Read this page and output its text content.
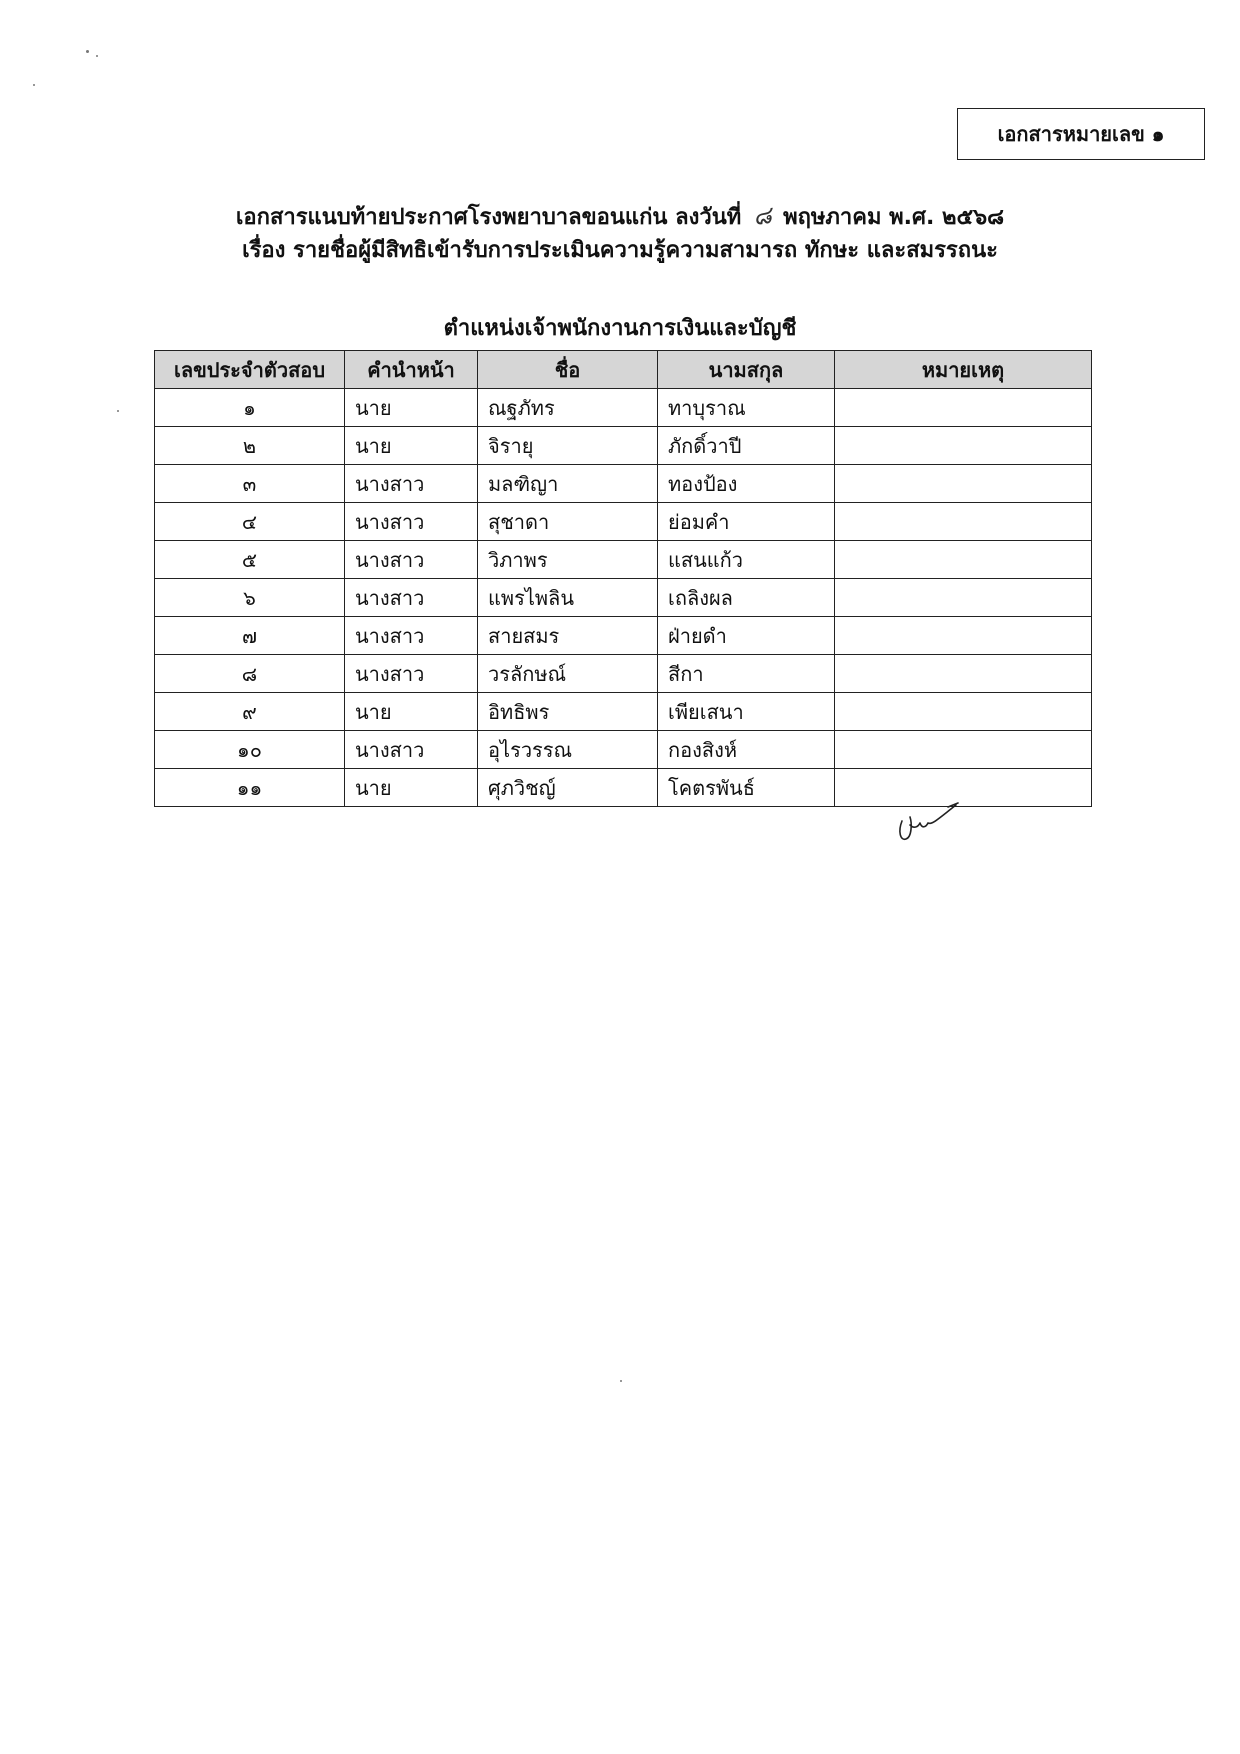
เอกสารหมายเลข ๑
เอกสารแนบท้ายประกาศโรงพยาบาลขอนแก่น ลงวันที่ ๘ พฤษภาคม พ.ศ. ๒๕๖๘
เรื่อง รายชื่อผู้มีสิทธิเข้ารับการประเมินความรู้ความสามารถ ทักษะ และสมรรถนะ
ตำแหน่งเจ้าพนักงานการเงินและบัญชี
เลขประจำตัวสอบ	คำนำหน้า	ชื่อ	นามสกุล	หมายเหตุ
๑	นาย	ณฐภัทร	ทาบุราณ	
๒	นาย	จิรายุ	ภักดิ์วาปี	
๓	นางสาว	มลฑิญา	ทองป้อง	
๔	นางสาว	สุชาดา	ย่อมคำ	
๕	นางสาว	วิภาพร	แสนแก้ว	
๖	นางสาว	แพรไพลิน	เถลิงผล	
๗	นางสาว	สายสมร	ฝ่ายดำ	
๘	นางสาว	วรลักษณ์	สีกา	
๙	นาย	อิทธิพร	เพียเสนา	
๑๐	นางสาว	อุไรวรรณ	กองสิงห์	
๑๑	นาย	ศุภวิชญ์	โคตรพันธ์	
